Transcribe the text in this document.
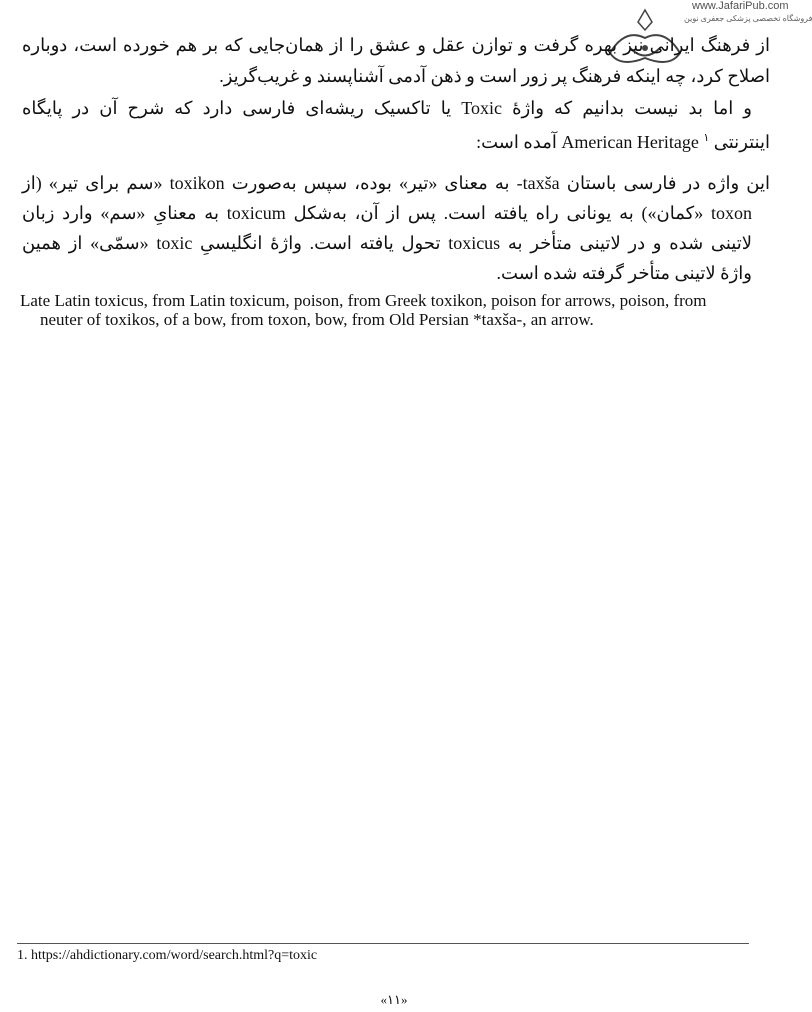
www.JafariPub.com
فروشگاه تخصصی پزشکی جعفری نوین
از فرهنگ ایرانی نیز بهره گرفت و توازن عقل و عشق را از همان‌جایی که بر هم خورده است، دوباره
اصلاح کرد، چه اینکه فرهنگ پر زور است و ذهن آدمی آشناپسند و غریب‌گریز.
و اما بد نیست بدانیم که واژۀ Toxic یا تاکسیک ریشه‌ای فارسی دارد که شرح آن در پایگاه
اینترنتی $^۱$ American Heritage آمده است:
این واژه در فارسی باستان taxša- به معنای «تیر» بوده، سپس به‌صورت toxikon «سم برای تیر» (از
toxon «کمان») به یونانی راه یافته است. پس از آن، به‌شکل toxicum به معنایِ «سم» وارد زبان
لاتینی شده و در لاتینی متأخر به toxicus تحول یافته است. واژۀ انگلیسیِ toxic «سمّی» از همین
واژۀ لاتینی متأخر گرفته شده است.

Late Latin toxicus, from Latin toxicum, poison, from Greek toxikon, poison for arrows, poison, from neuter of toxikos, of a bow, from toxon, bow, from Old Persian *taxša-, an arrow.

1. https://ahdictionary.com/word/search.html?q=toxic
«۱۱»
